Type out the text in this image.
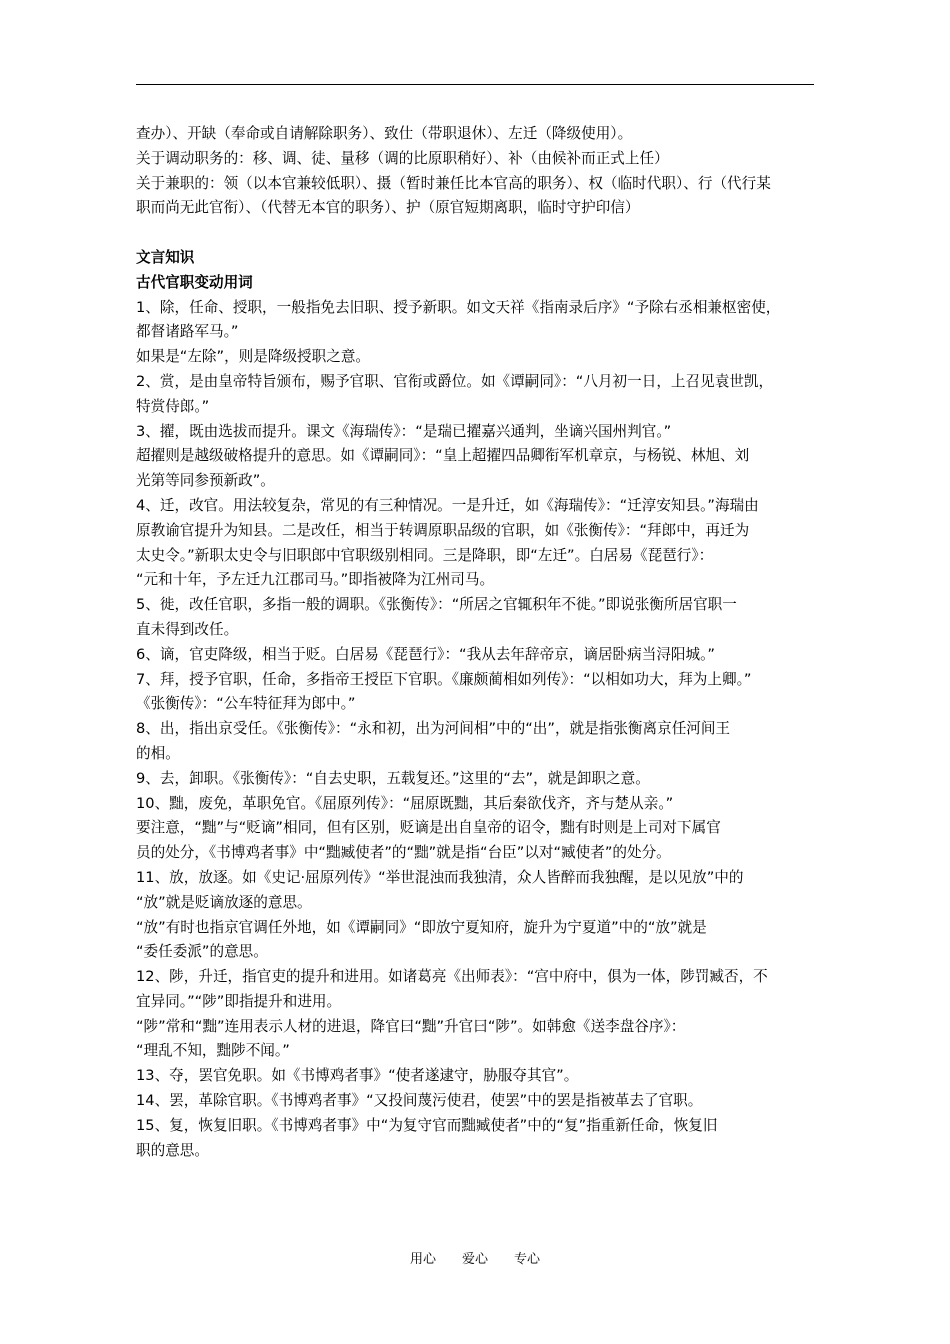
查办）、开缺（奉命或自请解除职务）、致仕（带职退休）、左迁（降级使用）。
关于调动职务的：移、调、徒、量移（调的比原职稍好）、补（由候补而正式上任）
关于兼职的：领（以本官兼较低职）、摄（暂时兼任比本官高的职务）、权（临时代职）、行（代行某
职而尚无此官衔）、（代替无本官的职务）、护（原官短期离职，临时守护印信）
文言知识
古代官职变动用词
1、除，任命、授职，一般指免去旧职、授予新职。如文天祥《指南录后序》“予除右丞相兼枢密使，
都督诸路军马。”
如果是“左除”，则是降级授职之意。
2、赏，是由皇帝特旨颁布，赐予官职、官衔或爵位。如《谭嗣同》：“八月初一日，上召见袁世凯，
特赏侍郎。”
3、擢，既由选拔而提升。课文《海瑞传》：“是瑞已擢嘉兴通判，坐谪兴国州判官。”
超擢则是越级破格提升的意思。如《谭嗣同》：“皇上超擢四品卿衔军机章京，与杨锐、林旭、刘
光第等同参预新政”。
4、迁，改官。用法较复杂，常见的有三种情况。一是升迁，如《海瑞传》：“迁淳安知县。”海瑞由
原教谕官提升为知县。二是改任，相当于转调原职品级的官职，如《张衡传》：“拜郎中，再迁为
太史令。”新职太史令与旧职郎中官职级别相同。三是降职，即“左迁”。白居易《琵琶行》：
“元和十年，予左迁九江郡司马。”即指被降为江州司马。
5、徙，改任官职，多指一般的调职。《张衡传》：“所居之官辄积年不徙。”即说张衡所居官职一
直未得到改任。
6、谪，官吏降级，相当于贬。白居易《琵琶行》：“我从去年辞帝京，谪居卧病当浔阳城。”
7、拜，授予官职，任命，多指帝王授臣下官职。《廉颇蔺相如列传》：“以相如功大，拜为上卿。”
《张衡传》：“公车特征拜为郎中。”
8、出，指出京受任。《张衡传》：“永和初，出为河间相”中的“出”，就是指张衡离京任河间王
的相。
9、去，卸职。《张衡传》：“自去史职，五载复还。”这里的“去”，就是卸职之意。
10、黜，废免，革职免官。《屈原列传》：“屈原既黜，其后秦欲伐齐，齐与楚从亲。”
要注意，“黜”与“贬谪”相同，但有区别，贬谪是出自皇帝的诏令，黜有时则是上司对下属官
员的处分，《书博鸡者事》中“黜臧使者”的“黜”就是指“台臣”以对“臧使者”的处分。
11、放，放逐。如《史记·屈原列传》“举世混浊而我独清，众人皆醉而我独醒，是以见放”中的
“放”就是贬谪放逐的意思。
“放”有时也指京官调任外地，如《谭嗣同》“即放宁夏知府，旋升为宁夏道”中的“放”就是
“委任委派”的意思。
12、陟，升迁，指官吏的提升和进用。如诸葛亮《出师表》：“宫中府中，俱为一体，陟罚臧否，不
宜异同。”“陟”即指提升和进用。
“陟”常和“黜”连用表示人材的进退，降官曰“黜”升官曰“陟”。如韩愈《送李盘谷序》：
“理乱不知，黜陟不闻。”
13、夺，罢官免职。如《书博鸡者事》“使者遂逮守，胁服夺其官”。
14、罢，革除官职。《书博鸡者事》“又投间蔑污使君，使罢”中的罢是指被革去了官职。
15、复，恢复旧职。《书博鸡者事》中“为复守官而黜臧使者”中的“复”指重新任命，恢复旧
职的意思。
用心　　爱心　　专心
